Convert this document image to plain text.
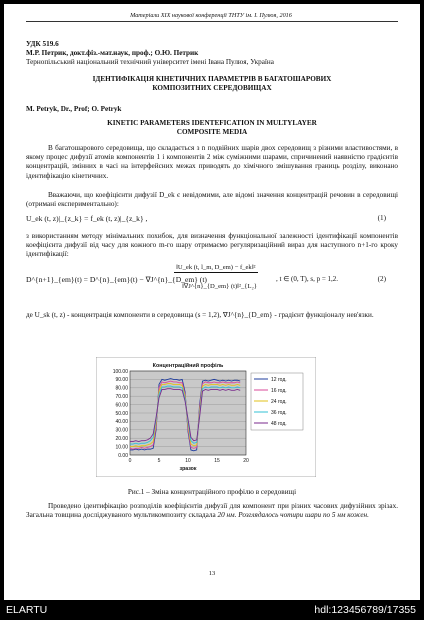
Матеріали XIX наукової конференції ТНТУ ім. І. Пулюя, 2016
УДК 519.6
М.Р. Петрик, докт.фіз.-мат.наук, проф.; О.Ю. Петрик
Тернопільський національний технічний університет імені Івана Пулюя, Україна
ІДЕНТИФІКАЦІЯ КІНЕТИЧНИХ ПАРАМЕТРІВ В БАГАТОШАРОВИХ
КОМПОЗИТНИХ СЕРЕДОВИЩАХ
M. Petryk, Dr., Prof; O. Petryk
KINETIC PARAMETERS IDENTEFICATION IN MULTYLAYER
COMPOSITE MEDIA
В багатошарового середовища, що складається з n подвійних шарів двох середовищ з різними властивостями, в якому процес дифузії атомів компонентів 1 і компонентів 2 між суміжними шарами, спричинений наявністю градієнтів концентрацій, змінних в часі на інтерфейсних межах приводять до хімічного змішування границь розділу, виконано ідентифікацію кінетичних.
Вважаючи, що коефіцієнти дифузії D_ek є невідомими, але відомі значення концентрацій речовин в середовищі (отримані експериментально):
U_ek (t, z)|_{z_k} = f_ek (t, z)|_{z_k} ,	(1)
з використанням методу мінімальних похибок, для визначення функціональної залежності ідентифікації компонентів коефіцієнта дифузії від часу для кожного m-го шару отримаємо регуляризаційний вираз для наступного n+1-го кроку ідентифікації:
D^{n+1}_{em}(t) = D^{n}_{em}(t) − ∇J^{n}_{D_em} (t)
‖U_ek (t, l_m, D_em) − f_ek‖²
‖∇J^{n}_{D_em} (t)‖²_{L₂}
, t ∈ (0, T), s, p = 1,2.	(2)
де U_sk (t, z) - концентрація компоненти в середовища (s = 1,2), ∇J^{n}_{D_em} - градієнт функціоналу нев'язки.
0.00
10.00
20.00
30.00
40.00
50.00
60.00
70.00
80.00
90.00
100.00
0	5	10	15	20
Концентраційний профіль
зразок
12 год.
16 год.
24 год.
36 год.
48 год.
Рис.1 – Зміна концентраційного профілю в середовищі
Проведено ідентифікацію розподілів коефіцієнтів дифузії для компонент при різних часових дифузійних зрізах. Загальна товщина досліджуваного мультикомпозиту складала 20 нм. Розглядалось чотири шари по 5 нм кожен.
13
ELARTU	hdl:123456789/17355
